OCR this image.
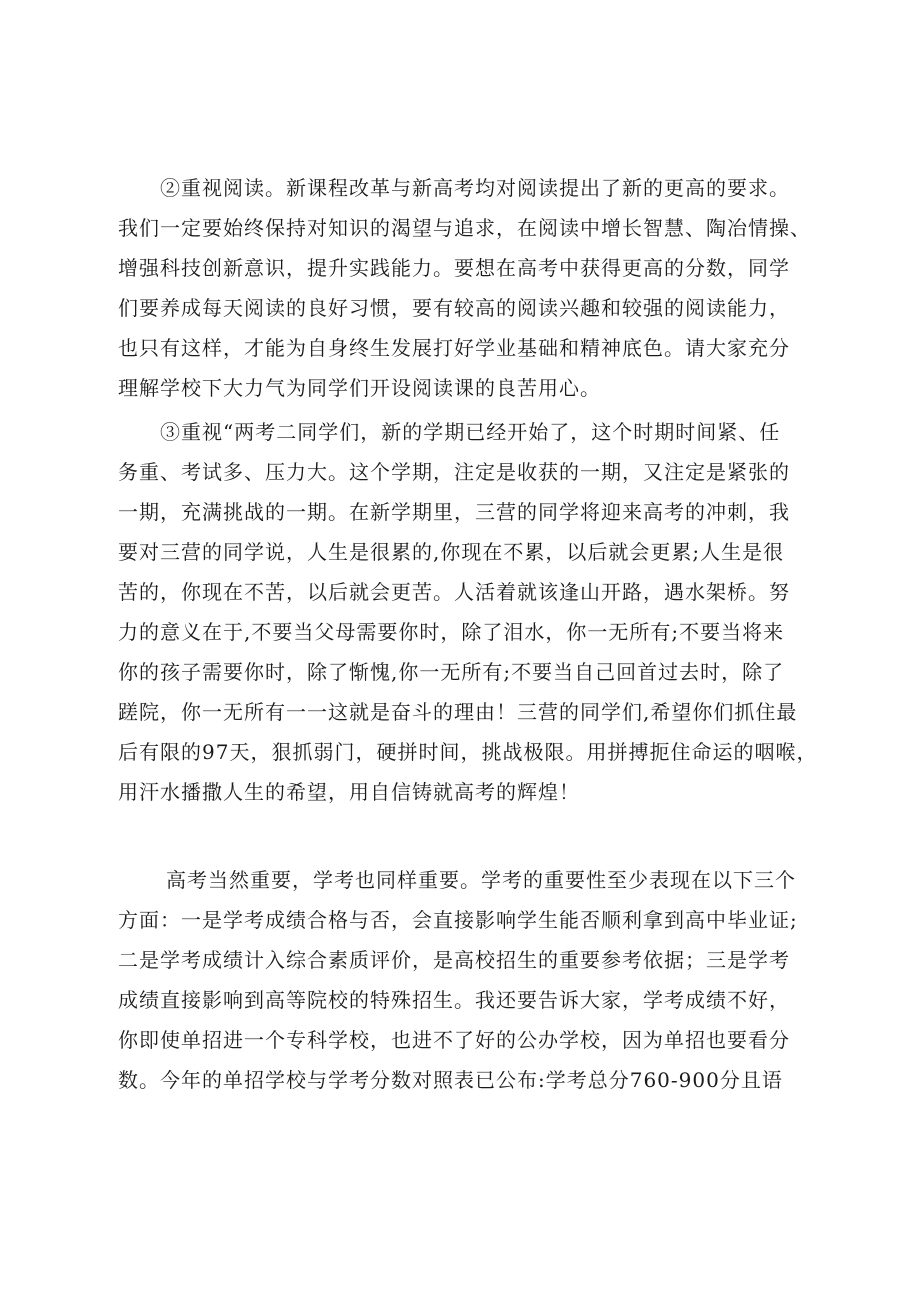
②重视阅读。新课程改革与新高考均对阅读提出了新的更高的要求。
我们一定要始终保持对知识的渴望与追求，在阅读中增长智慧、陶冶情操、
增强科技创新意识，提升实践能力。要想在高考中获得更高的分数，同学
们要养成每天阅读的良好习惯，要有较高的阅读兴趣和较强的阅读能力，
也只有这样，才能为自身终生发展打好学业基础和精神底色。请大家充分
理解学校下大力气为同学们开设阅读课的良苦用心。
③重视“两考二同学们，新的学期已经开始了，这个时期时间紧、任
务重、考试多、压力大。这个学期，注定是收获的一期，又注定是紧张的
一期，充满挑战的一期。在新学期里，三营的同学将迎来高考的冲刺，我
要对三营的同学说，人生是很累的,你现在不累，以后就会更累;人生是很
苦的，你现在不苦，以后就会更苦。人活着就该逢山开路，遇水架桥。努
力的意义在于,不要当父母需要你时，除了泪水，你一无所有;不要当将来
你的孩子需要你时，除了惭愧,你一无所有;不要当自己回首过去时，除了
蹉院，你一无所有一一这就是奋斗的理由！三营的同学们,希望你们抓住最
后有限的97天，狠抓弱门，硬拼时间，挑战极限。用拼搏扼住命运的咽喉，
用汗水播撒人生的希望，用自信铸就高考的辉煌！
高考当然重要，学考也同样重要。学考的重要性至少表现在以下三个
方面：一是学考成绩合格与否，会直接影响学生能否顺利拿到高中毕业证;
二是学考成绩计入综合素质评价，是高校招生的重要参考依据；三是学考
成绩直接影响到高等院校的特殊招生。我还要告诉大家，学考成绩不好，
你即使单招进一个专科学校，也进不了好的公办学校，因为单招也要看分
数。今年的单招学校与学考分数对照表已公布:学考总分760-900分且语
